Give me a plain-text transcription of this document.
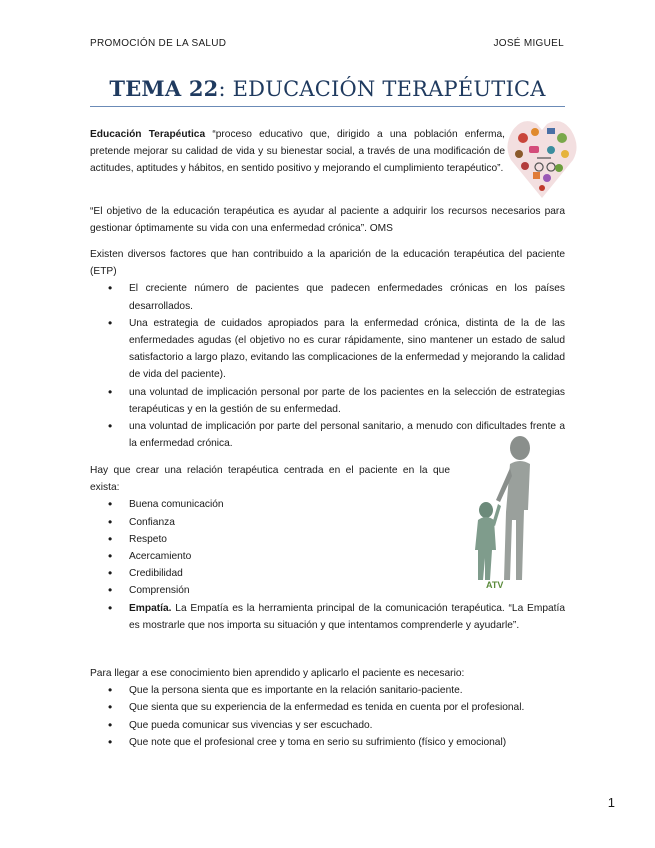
PROMOCIÓN DE LA SALUD	JOSÉ MIGUEL
TEMA 22: EDUCACIÓN TERAPÉUTICA

Educación Terapéutica “proceso educativo que, dirigido a una población enferma, pretende mejorar su calidad de vida y su bienestar social, a través de una modificación de actitudes, aptitudes y hábitos, en sentido positivo y mejorando el cumplimiento terapéutico”.

“El objetivo de la educación terapéutica es ayudar al paciente a adquirir los recursos necesarios para gestionar óptimamente su vida con una enfermedad crónica”. OMS

Existen diversos factores que han contribuido a la aparición de la educación terapéutica del paciente (ETP)

• El creciente número de pacientes que padecen enfermedades crónicas en los países desarrollados.
• Una estrategia de cuidados apropiados para la enfermedad crónica, distinta de la de las enfermedades agudas (el objetivo no es curar rápidamente, sino mantener un estado de salud satisfactorio a largo plazo, evitando las complicaciones de la enfermedad y mejorando la calidad de vida del paciente).
• una voluntad de implicación personal por parte de los pacientes en la selección de estrategias terapéuticas y en la gestión de su enfermedad.
• una voluntad de implicación por parte del personal sanitario, a menudo con dificultades frente a la enfermedad crónica.
ATV

Hay que crear una relación terapéutica centrada en el paciente en la que exista:

• Buena comunicación
• Confianza
• Respeto
• Acercamiento
• Credibilidad
• Comprensión
• Empatía. La Empatía es la herramienta principal de la comunicación terapéutica. “La Empatía es mostrarle que nos importa su situación y que intentamos comprenderle y ayudarle”.

Para llegar a ese conocimiento bien aprendido y aplicarlo el paciente es necesario:

• Que la persona sienta que es importante en la relación sanitario-paciente.
• Que sienta que su experiencia de la enfermedad es tenida en cuenta por el profesional.
• Que pueda comunicar sus vivencias y ser escuchado.
• Que note que el profesional cree y toma en serio su sufrimiento (físico y emocional)
1
